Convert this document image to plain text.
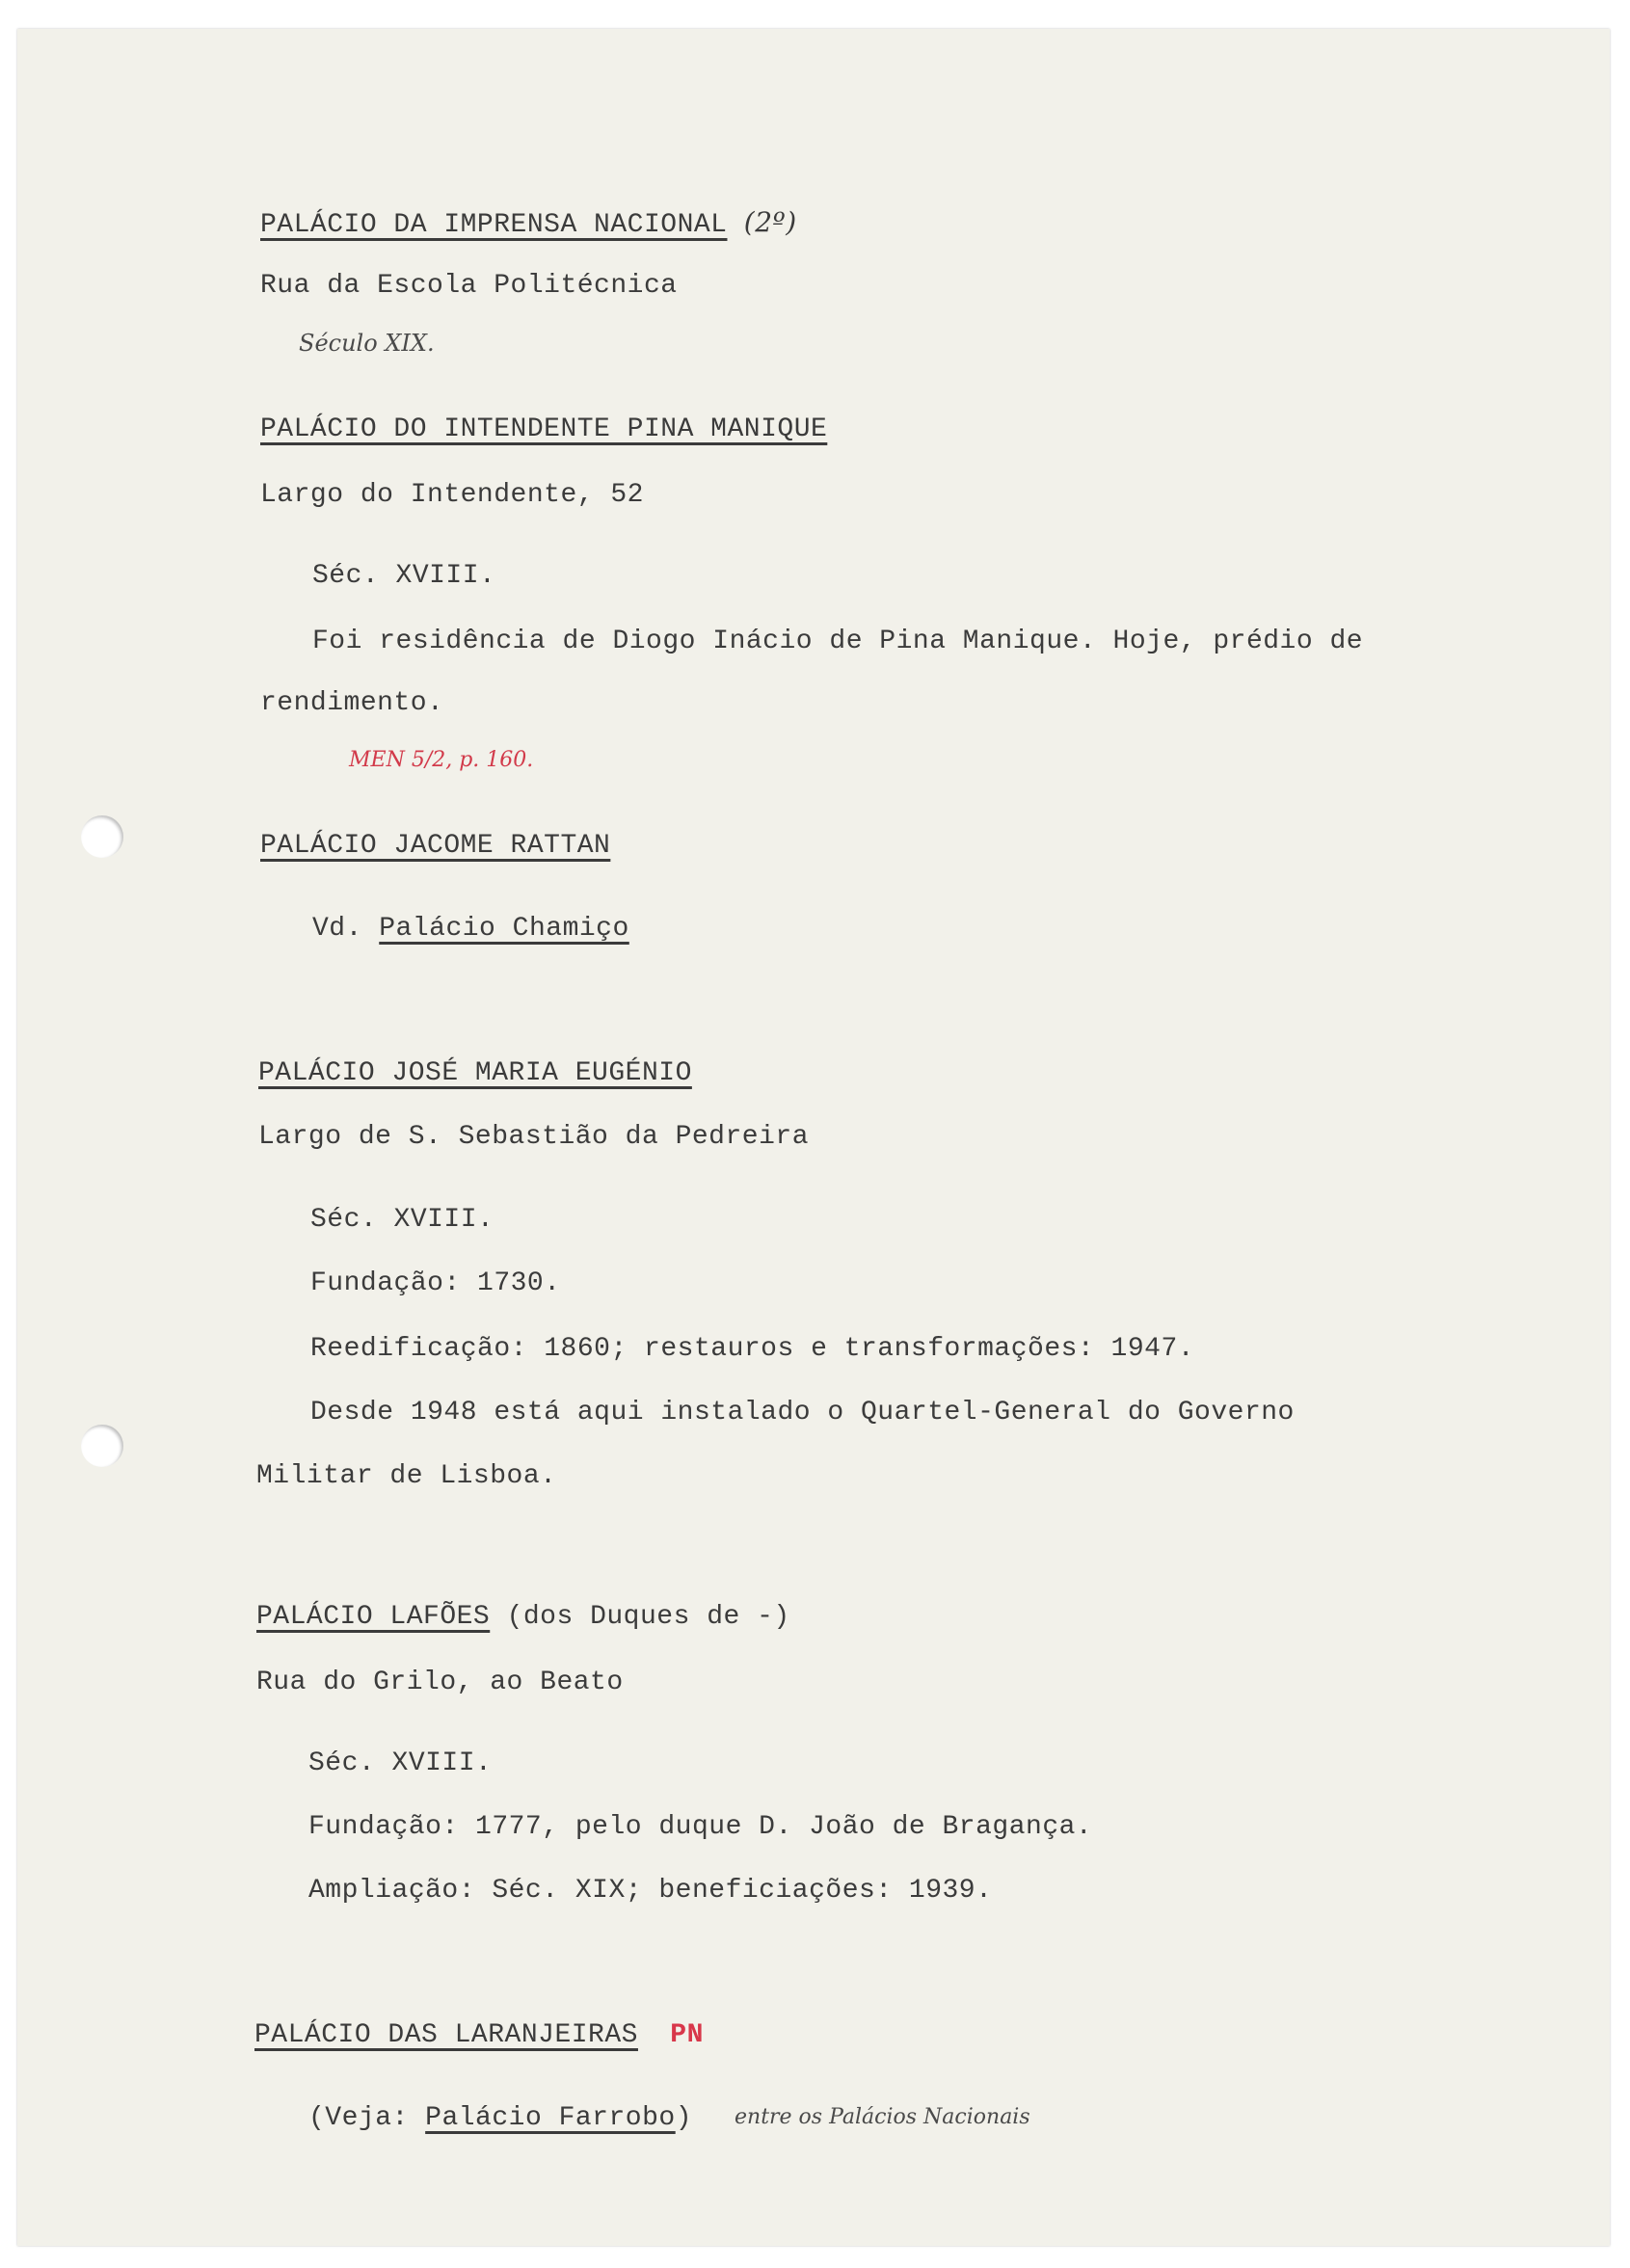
PALÁCIO DA IMPRENSA NACIONAL (2º)
Rua da Escola Politécnica
Século XIX.
PALÁCIO DO INTENDENTE PINA MANIQUE
Largo do Intendente, 52
Séc. XVIII.
Foi residência de Diogo Inácio de Pina Manique. Hoje, prédio de
rendimento.
MEN 5/2, p. 160.
PALÁCIO JACOME RATTAN
Vd. Palácio Chamiço
PALÁCIO JOSÉ MARIA EUGÉNIO
Largo de S. Sebastião da Pedreira
Séc. XVIII.
Fundação: 1730.
Reedificação: 1860; restauros e transformações: 1947.
Desde 1948 está aqui instalado o Quartel-General do Governo
Militar de Lisboa.
PALÁCIO LAFÕES (dos Duques de -)
Rua do Grilo, ao Beato
Séc. XVIII.
Fundação: 1777, pelo duque D. João de Bragança.
Ampliação: Séc. XIX; beneficiações: 1939.
PALÁCIO DAS LARANJEIRAS PN
(Veja: Palácio Farrobo) entre os Palácios Nacionais
